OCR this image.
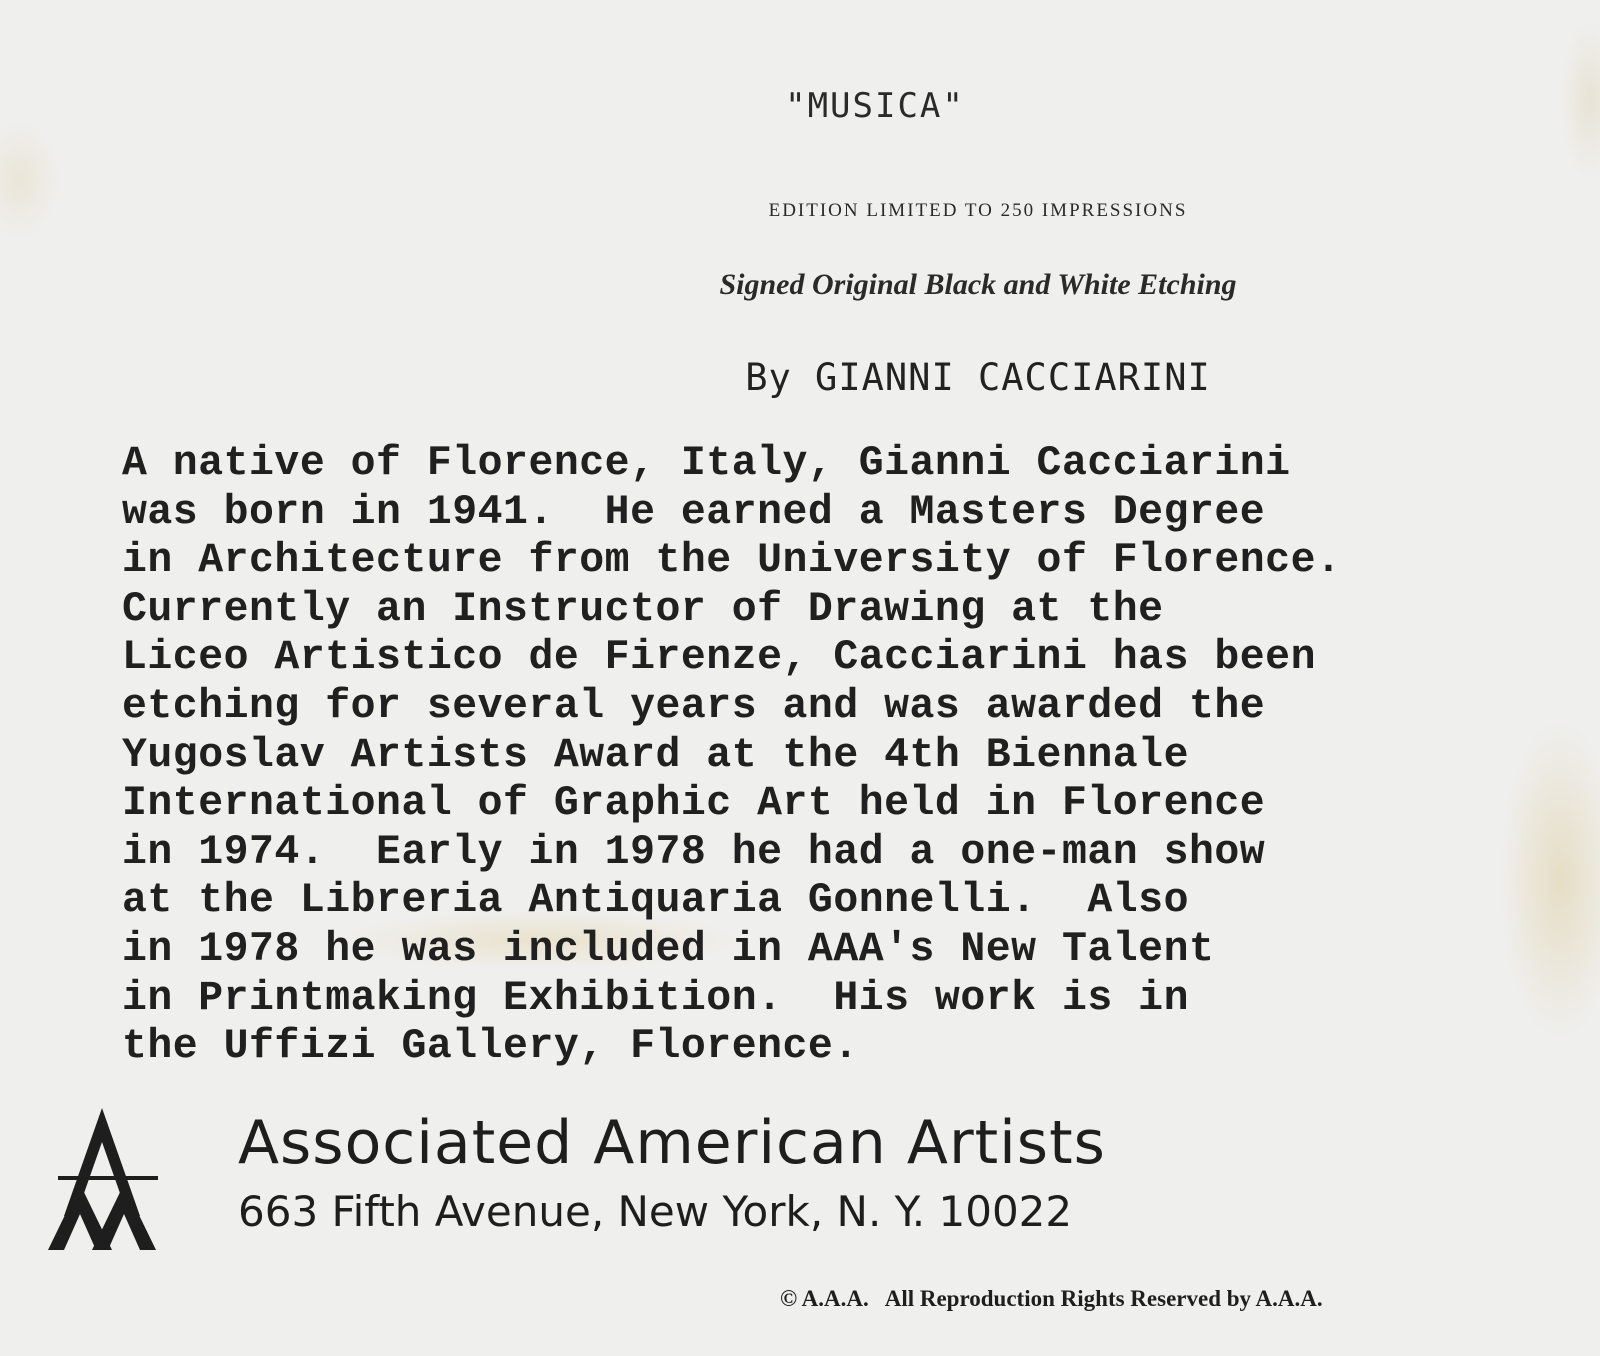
"MUSICA"
EDITION LIMITED TO 250 IMPRESSIONS
Signed Original Black and White Etching
By GIANNI CACCIARINI
A native of Florence, Italy, Gianni Cacciarini
was born in 1941.  He earned a Masters Degree
in Architecture from the University of Florence.
Currently an Instructor of Drawing at the
Liceo Artistico de Firenze, Cacciarini has been
etching for several years and was awarded the
Yugoslav Artists Award at the 4th Biennale
International of Graphic Art held in Florence
in 1974.  Early in 1978 he had a one-man show
at the Libreria Antiquaria Gonnelli.  Also
in 1978 he was included in AAA's New Talent
in Printmaking Exhibition.  His work is in
the Uffizi Gallery, Florence.
Associated American Artists
663 Fifth Avenue, New York, N. Y. 10022
© A.A.A.   All Reproduction Rights Reserved by A.A.A.
